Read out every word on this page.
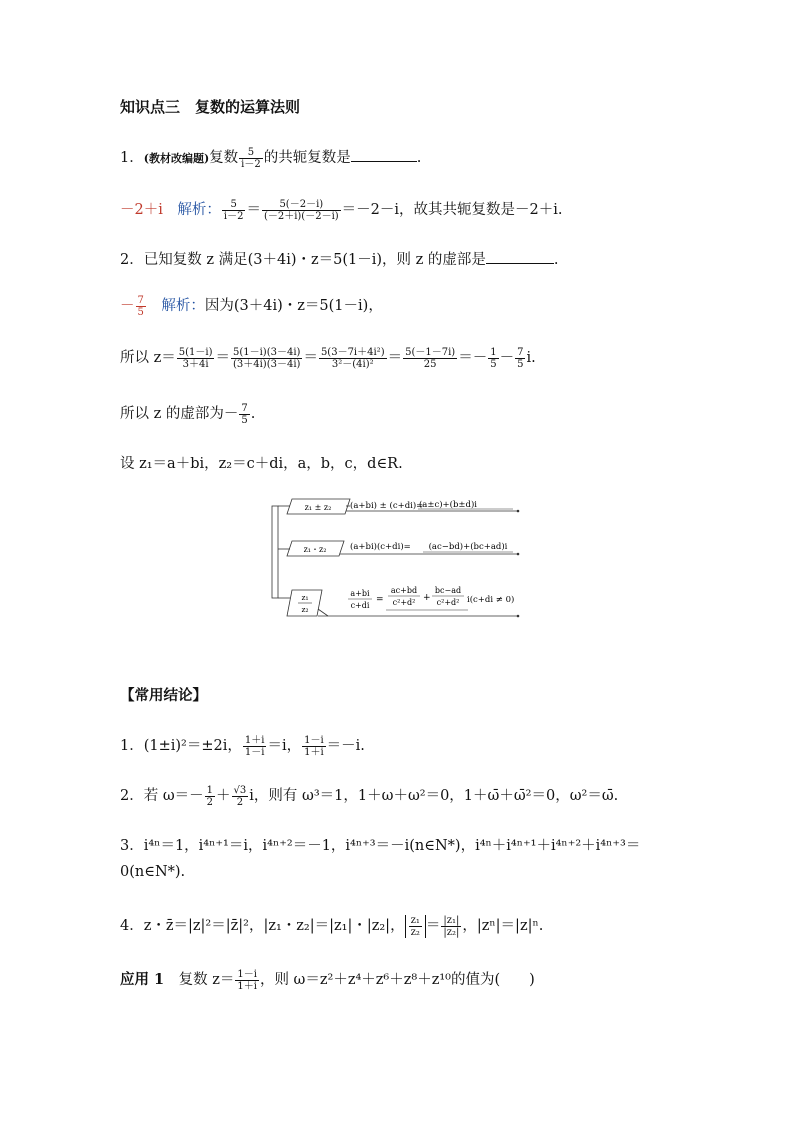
知识点三　复数的运算法则
1．(教材改编题)复数 $\frac{5}{i-2}$ 的共轭复数是	.
－2＋i　 解析： $\frac{5}{i-2} = \frac{5(-2-i)}{(-2+i)(-2-i)} =-2-i$，故其共轭复数是－2＋i.
2．已知复数 z 满足(3＋4i)・z＝5(1－i)，则 z 的虚部是	.
－ $\frac{7}{5}$
　 解析：因为(3＋4i)・z＝5(1－i)，
所以 $z= \frac{5(1-i)}{3+4i} = \frac{5(1-i)(3-4i)}{(3+4i)(3-4i)} = \frac{\text{5(3－7i＋4i²)}}{\text{3²－(4i)²}} = \frac{5(-1-7i)}{25} =- \frac{1}{5} - \frac{7}{5} i$.
所以 z 的虚部为－ $\frac{7}{5}$ .
设 z₁＝a＋bi，z₂＝c＋di，a，b，c，d∈R.
z₁ ± z₂ (a+bi) ± (c+di)=
(a±c)+(b±d)i
z₁・z₂	(a+bi)(c+di)= (ac−bd)+(bc+ad)i
z₁
z₂
a+bi
c+di
=
ac+bd
c²+d² +
bc−ad
c²+d² i(c+di ≠ 0)
【常用结论】
1．(1±i)²＝±2i， $\frac{1+i}{1-i} =i$， $\frac{1-i}{1+i} =-i$.
2．若 $\omega=- \frac{1}{2} + \frac{√3}{2}$ i，则有 ω³＝1，1＋ω＋ω²＝0，1＋ω̄＋ω̄²＝0，ω²＝ω̄.
3．i⁴ⁿ＝1，i⁴ⁿ⁺¹＝i，i⁴ⁿ⁺²＝－1，i⁴ⁿ⁺³＝－i(n∈N*)，i⁴ⁿ＋i⁴ⁿ⁺¹＋i⁴ⁿ⁺²＋i⁴ⁿ⁺³＝
0(n∈N*).
4．z・z̄＝|z|²＝|z̄|²，|z₁・z₂|＝|z₁|・|z₂|， $\frac{\text{z₁}}{\text{z₂}} = \frac{\text{|z₁|}}{\text{|z₂|}}$ ，|zⁿ|＝|z|ⁿ.
应用 1　 复数 $z= \frac{1-i}{1+i}$ ，则 ω＝z²＋z⁴＋z⁶＋z⁸＋z¹⁰的值为(　　)
